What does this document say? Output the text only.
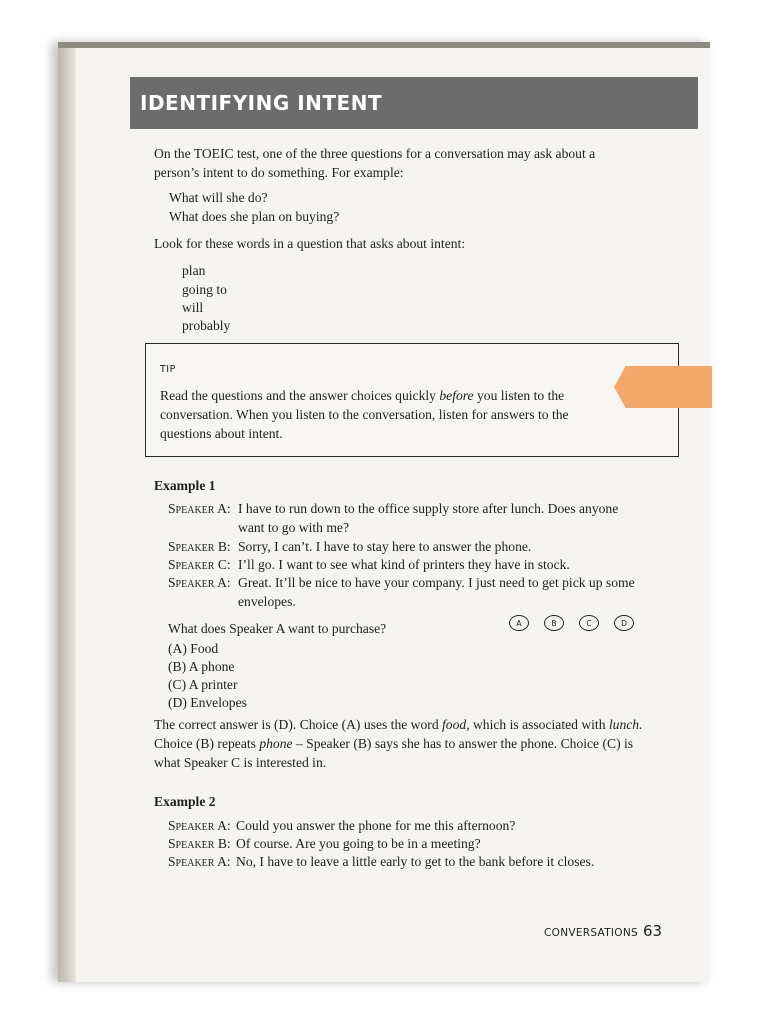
IDENTIFYING INTENT
On the TOEIC test, one of the three questions for a conversation may ask about a
person’s intent to do something. For example:
What will she do?
What does she plan on buying?
Look for these words in a question that asks about intent:
plan
going to
will
probably
TIP
Read the questions and the answer choices quickly before you listen to the
conversation. When you listen to the conversation, listen for answers to the
questions about intent.
Example 1
Speaker A: I have to run down to the office supply store after lunch. Does anyone
want to go with me?
Speaker B: Sorry, I can’t. I have to stay here to answer the phone.
Speaker C: I’ll go. I want to see what kind of printers they have in stock.
Speaker A: Great. It’ll be nice to have your company. I just need to get pick up some
envelopes.
What does Speaker A want to purchase?	A	B	C	D
(A) Food
(B) A phone
(C) A printer
(D) Envelopes
The correct answer is (D). Choice (A) uses the word food, which is associated with lunch.
Choice (B) repeats phone – Speaker (B) says she has to answer the phone. Choice (C) is
what Speaker C is interested in.
Example 2
Speaker A: Could you answer the phone for me this afternoon?
Speaker B: Of course. Are you going to be in a meeting?
Speaker A: No, I have to leave a little early to get to the bank before it closes.
CONVERSATIONS 63
